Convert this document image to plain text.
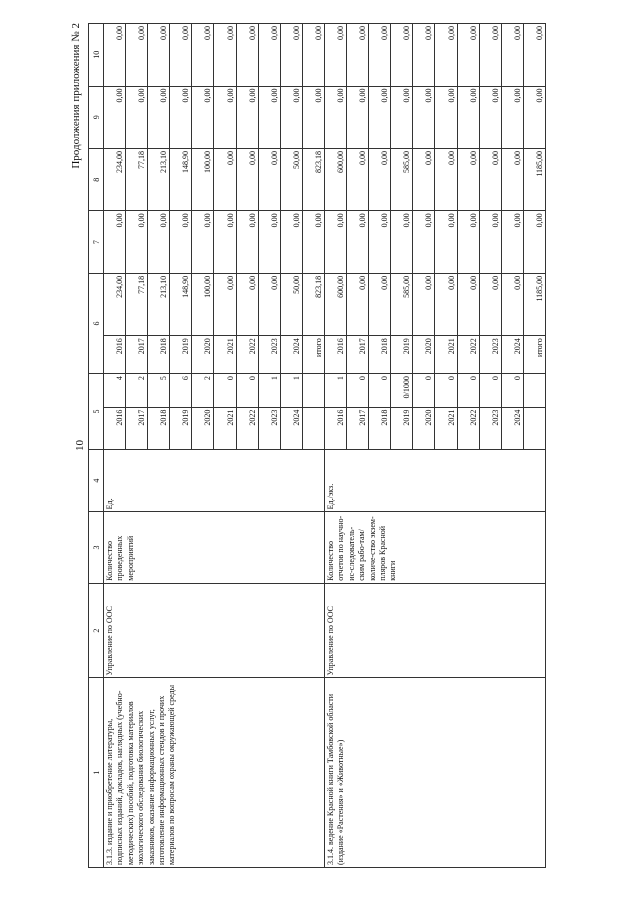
10
Продолжения приложения № 2
1	2	3	4	5		6		7	8	9	10
3.1.3. издание и приобретение литературы, подписных изданий, докладов, наглядных (учебно-методических) пособий, подготовка материалов экологического обследования биологических заказников, оказание информационных услуг, изготовление информационных стендов и прочих материалов по вопросам охраны окружающей среды	Управление по ООС	Количество проведенных мероприятий	Ед.	2016	4	2016	234,00	0,00	234,00	0,00	0,00
				2017	2	2017	77,18	0,00	77,18	0,00	0,00
				2018	5	2018	213,10	0,00	213,10	0,00	0,00
				2019	6	2019	148,90	0,00	148,90	0,00	0,00
				2020	2	2020	100,00	0,00	100,00	0,00	0,00
				2021	0	2021	0,00	0,00	0,00	0,00	0,00
				2022	0	2022	0,00	0,00	0,00	0,00	0,00
				2023	1	2023	0,00	0,00	0,00	0,00	0,00
				2024	1	2024	50,00	0,00	50,00	0,00	0,00
						итого	823,18	0,00	823,18	0,00	0,00
3.1.4. ведение Красной книги Тамбовской области (издание «Растения» и «Животные»)	Управление по ООС	Количество отчетов по научно-ис-следователь-ским рабо-там/количе-ство экзем-пляров Красной книги	Ед./экз.	2016	1	2016	600,00	0,00	600,00	0,00	0,00
				2017	0	2017	0,00	0,00	0,00	0,00	0,00
				2018	0	2018	0,00	0,00	0,00	0,00	0,00
				2019	0/1000	2019	585,00	0,00	585,00	0,00	0,00
				2020	0	2020	0,00	0,00	0,00	0,00	0,00
				2021	0	2021	0,00	0,00	0,00	0,00	0,00
				2022	0	2022	0,00	0,00	0,00	0,00	0,00
				2023	0	2023	0,00	0,00	0,00	0,00	0,00
				2024	0	2024	0,00	0,00	0,00	0,00	0,00
						итого	1185,00	0,00	1185,00	0,00	0,00
